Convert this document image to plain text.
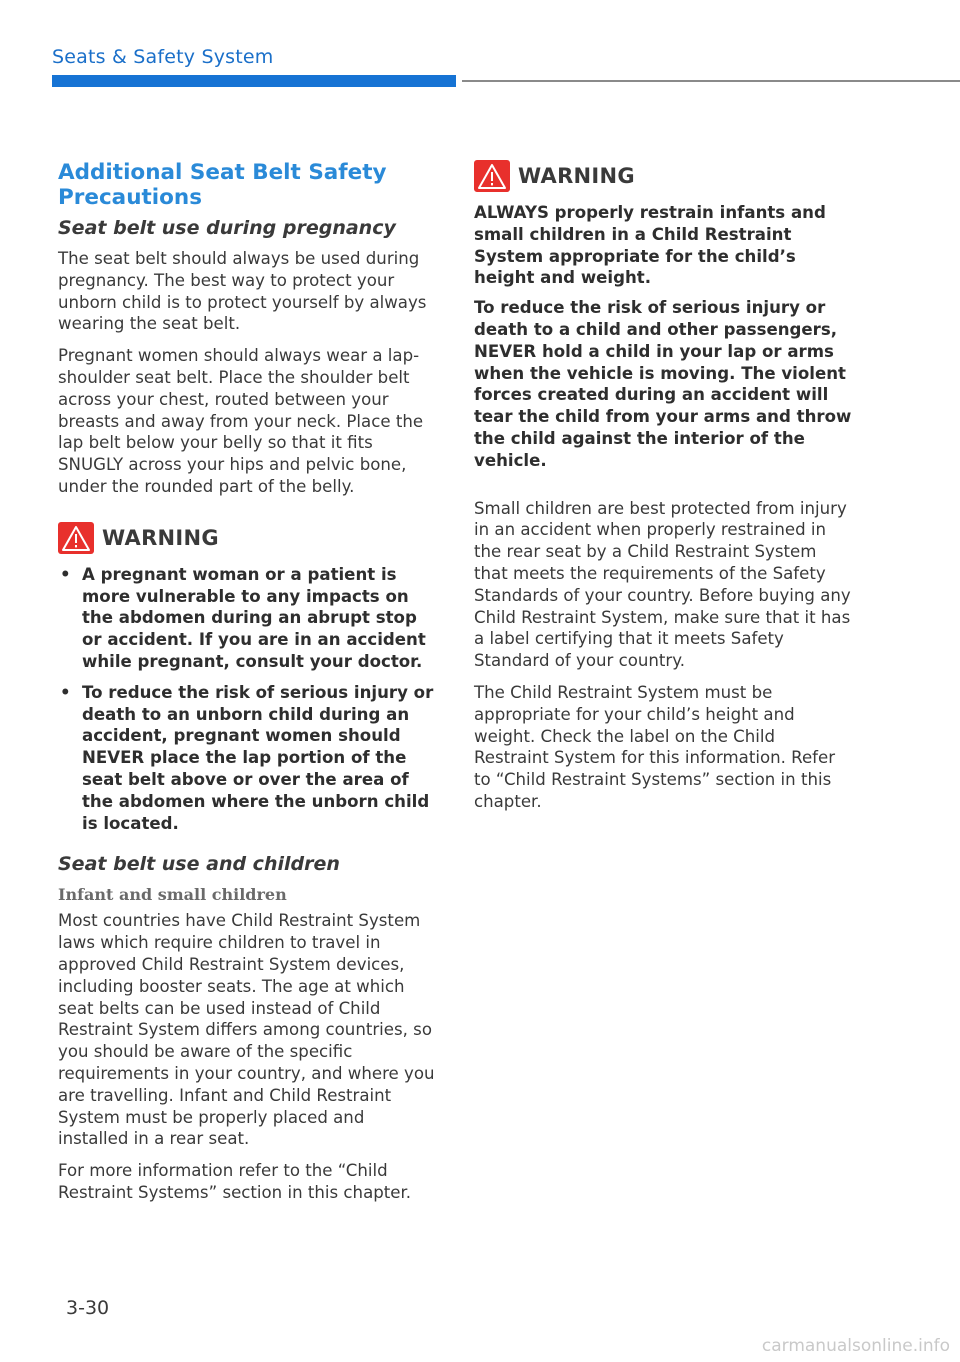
Seats & Safety System
Additional Seat Belt Safety Precautions
Seat belt use during pregnancy

The seat belt should always be used during pregnancy. The best way to protect your unborn child is to protect yourself by always wearing the seat belt.

Pregnant women should always wear a lap-shoulder seat belt. Place the shoulder belt across your chest, routed between your breasts and away from your neck. Place the lap belt below your belly so that it fits SNUGLY across your hips and pelvic bone, under the rounded part of the belly.

WARNING
• A pregnant woman or a patient is more vulnerable to any impacts on the abdomen during an abrupt stop or accident. If you are in an accident while pregnant, consult your doctor.
• To reduce the risk of serious injury or death to an unborn child during an accident, pregnant women should NEVER place the lap portion of the seat belt above or over the area of the abdomen where the unborn child is located.
Seat belt use and children
Infant and small children

Most countries have Child Restraint System laws which require children to travel in approved Child Restraint System devices, including booster seats. The age at which seat belts can be used instead of Child Restraint System differs among countries, so you should be aware of the specific requirements in your country, and where you are travelling. Infant and Child Restraint System must be properly placed and installed in a rear seat.

For more information refer to the “Child Restraint Systems” section in this chapter.

WARNING

ALWAYS properly restrain infants and small children in a Child Restraint System appropriate for the child’s height and weight.

To reduce the risk of serious injury or death to a child and other passengers, NEVER hold a child in your lap or arms when the vehicle is moving. The violent forces created during an accident will tear the child from your arms and throw the child against the interior of the vehicle.

Small children are best protected from injury in an accident when properly restrained in the rear seat by a Child Restraint System that meets the requirements of the Safety Standards of your country. Before buying any Child Restraint System, make sure that it has a label certifying that it meets Safety Standard of your country.

The Child Restraint System must be appropriate for your child’s height and weight. Check the label on the Child Restraint System for this information. Refer to “Child Restraint Systems” section in this chapter.

3-30
carmanualsonline.info
